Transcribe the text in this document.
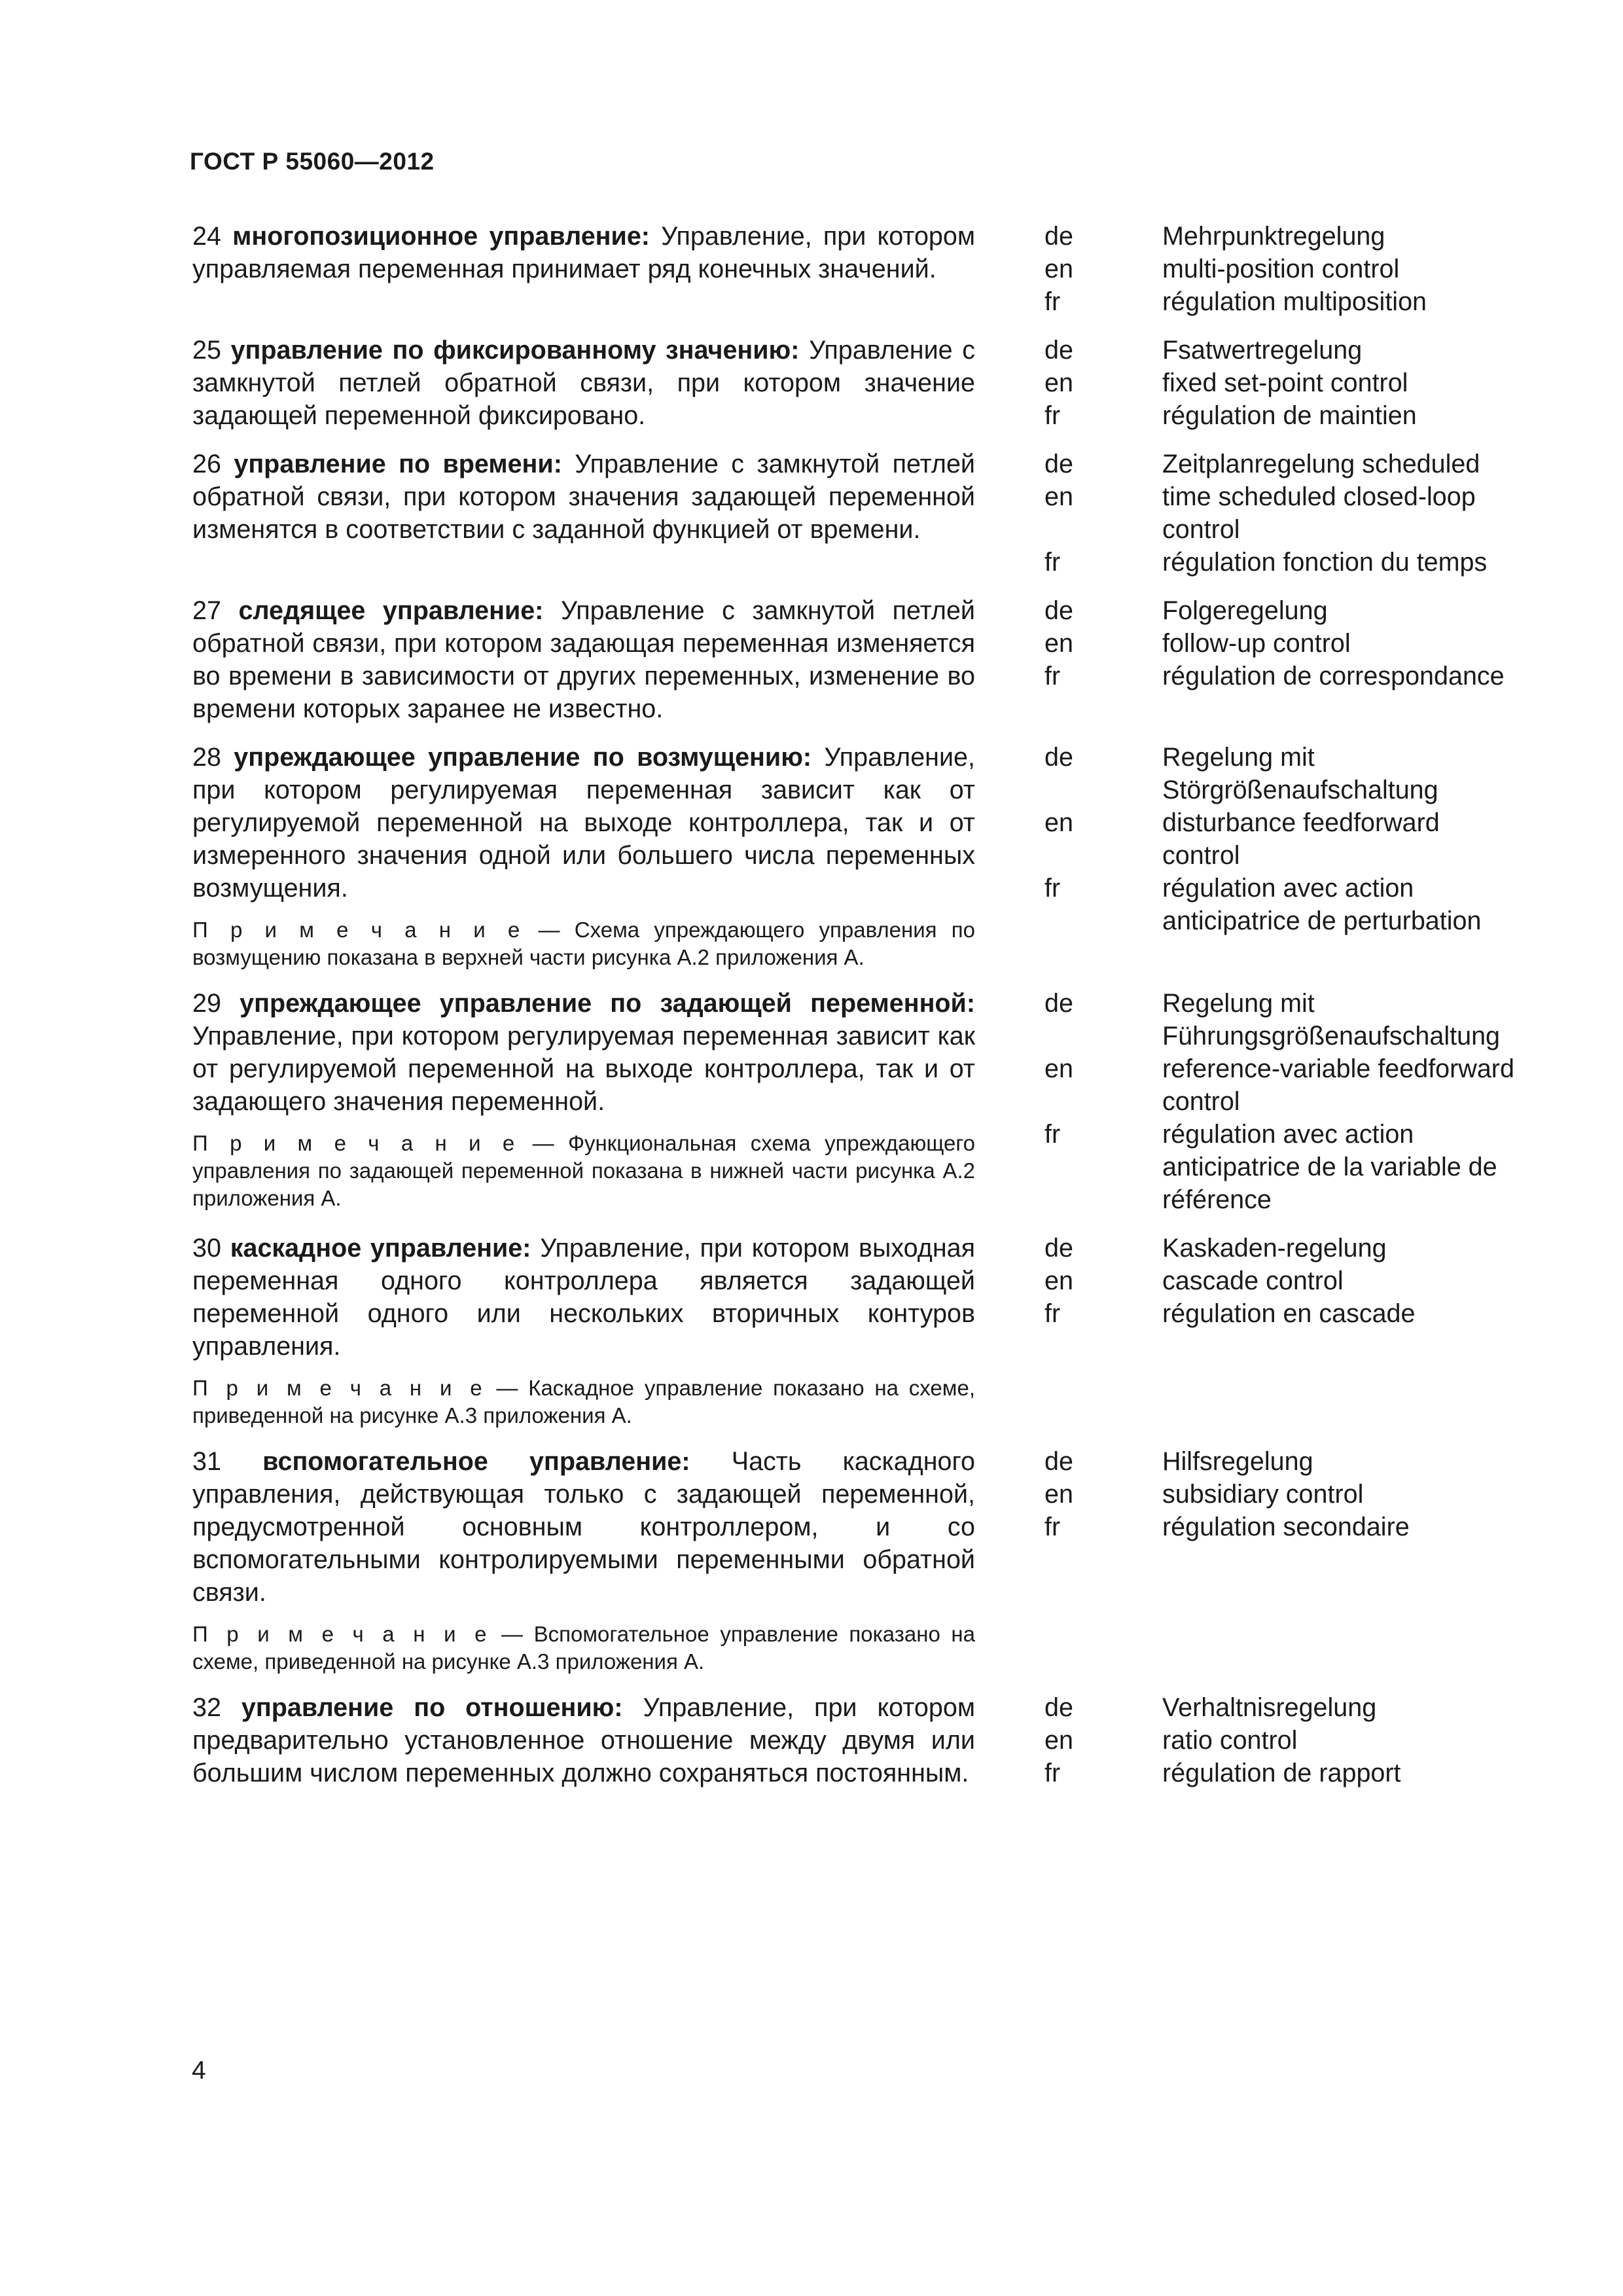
ГОСТ Р 55060—2012

24 многопозиционное управление: Управление, при котором управляемая переменная принимает ряд конечных значений.

de	Mehrpunktregelung
en	multi-position control
fr	régulation multiposition

25 управление по фиксированному значению: Управление с замкнутой петлей обратной связи, при котором значение задающей переменной фиксировано.

de	Fsatwertregelung
en	fixed set-point control
fr	régulation de maintien

26 управление по времени: Управление с замкнутой петлей обратной связи, при котором значения задающей переменной изменятся в соответствии с заданной функцией от времени.

de	Zeitplanregelung scheduled
en	time scheduled closed-loop control
fr	régulation fonction du temps

27 следящее управление: Управление с замкнутой петлей обратной связи, при котором задающая переменная изменяется во времени в зависимости от других переменных, изменение во времени которых заранее не известно.

de	Folgeregelung
en	follow-up control
fr	régulation de correspondance

28 упреждающее управление по возмущению: Управление, при котором регулируемая переменная зависит как от регулируемой переменной на выходе контроллера, так и от измеренного значения одной или большего числа переменных возмущения.

П р и м е ч а н и е — Схема упреждающего управления по возмущению показана в верхней части рисунка А.2 приложения А.
de	Regelung mit Störgrößenaufschaltung
en	disturbance feedforward control
fr	régulation avec action anticipatrice de perturbation

29 упреждающее управление по задающей переменной: Управление, при котором регулируемая переменная зависит как от регулируемой переменной на выходе контроллера, так и от задающего значения переменной.

П р и м е ч а н и е — Функциональная схема упреждающего управления по задающей переменной показана в нижней части рисунка А.2 приложения А.
de	Regelung mit Führungsgrößenaufschaltung
en	reference-variable feedforward control
fr	régulation avec action anticipatrice de la variable de référence

30 каскадное управление: Управление, при котором выходная переменная одного контроллера является задающей переменной одного или нескольких вторичных контуров управления.

П р и м е ч а н и е — Каскадное управление показано на схеме, приведенной на рисунке А.3 приложения А.
de	Kaskaden-regelung
en	cascade control
fr	régulation en cascade

31 вспомогательное управление: Часть каскадного управления, действующая только с задающей переменной, предусмотренной основным контроллером, и со вспомогательными контролируемыми переменными обратной связи.

П р и м е ч а н и е — Вспомогательное управление показано на схеме, приведенной на рисунке А.3 приложения А.
de	Hilfsregelung
en	subsidiary control
fr	régulation secondaire

32 управление по отношению: Управление, при котором предварительно установленное отношение между двумя или большим числом переменных должно сохраняться постоянным.

de	Verhaltnisregelung
en	ratio control
fr	régulation de rapport
4
